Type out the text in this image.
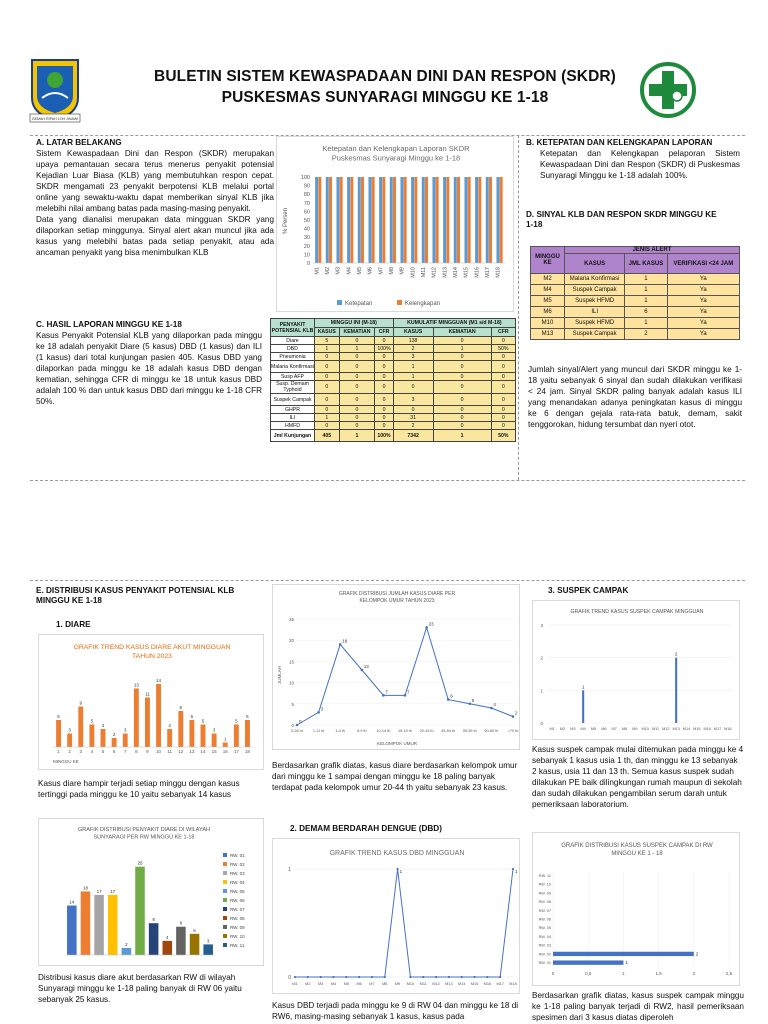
GEMAH RIPAH LOH JINAWI
BULETIN SISTEM KEWASPADAAN DINI DAN RESPON (SKDR)
PUSKESMAS SUNYARAGI MINGGU KE 1-18
A. LATAR BELAKANG
Sistem Kewaspadaan Dini dan Respon (SKDR) merupakan upaya pemantauan secara terus menerus penyakit potensial Kejadian Luar Biasa (KLB) yang membutuhkan respon cepat. SKDR mengamati 23 penyakit berpotensi KLB melalui portal online yang sewaktu-waktu dapat memberikan sinyal KLB jika melebihi nilai ambang batas pada masing-masing penyakit.
Data yang dianalisi merupakan data mingguan SKDR yang dilaporkan setiap minggunya. Sinyal alert akan muncul jika ada kasus yang melebihi batas pada setiap penyakit, atau ada ancaman penyakit yang bisa menimbulkan KLB
C. HASIL LAPORAN MINGGU KE 1-18
Kasus Penyakit Potensial KLB yang dilaporkan pada minggu ke 18 adalah penyakit Diare (5 kasus) DBD (1 kasus) dan ILI (1 kasus) dari total kunjungan pasien 405. Kasus DBD yang dilaporkan pada minggu ke 18 adalah kasus DBD dengan kematian, sehingga CFR di minggu ke 18 untuk kasus DBD adalah 100 % dan untuk kasus DBD dari minggu ke 1-18 CFR 50%.
Ketepatan dan Kelengkapan Laporan SKDR
Puskesmas Sunyaragi Minggu ke 1-18
% Persen
0
10
20
30
40
50
60
70
80
90
100
M1 M2 M3 M4 M5 M6 M7 M8 M9 M10 M11 M12 M13 M14 M15 M16 M17 M18
Ketepatan	Kelengkapan
PENYAKIT POTENSIAL KLB	MINGGU INI (M-18)			KUMULATIF MINGGUAN (M1 s/d M-18)		
	KASUS	KEMATIAN	CFR	KASUS	KEMATIAN	CFR
Diare	5	0	0	138	0	0
DBD	1	1	100%	2	1	50%
Pneumonia	0	0	0	3	0	0
Malaria Konfirmasi	0	0	0	1	0	0
Susp AFP	0	0	0	1	0	0
Susp. Demam Typhoid	0	0	0	0	0	0
Suspek Campak	0	0	0	3	0	0
GHPR	0	0	0	0	0	0
ILI	1	0	0	31	0	0
HMFD	0	0	0	2	0	0
Jml Kunjungan	405	1	100%	7342	1	50%
B. KETEPATAN DAN KELENGKAPAN LAPORAN
Ketepatan dan Kelengkapan pelaporan Sistem Kewaspadaan Dini dan Respon (SKDR) di Puskesmas Sunyaragi Minggu ke 1-18 adalah 100%.
D. SINYAL KLB DAN RESPON SKDR MINGGU KE 1-18
MINGGU KE	JENIS ALERT		
	KASUS	JML KASUS	VERIFIKASI <24 JAM
M2	Malaria Konfirmasi	1	Ya
M4	Suspek Campak	1	Ya
M5	Suspek HFMD	1	Ya
M6	ILI	6	Ya
M10	Suspek HFMD	1	Ya
M13	Suspek Campak	2	Ya
Jumlah sinyal/Alert yang muncul dari SKDR minggu ke 1-18 yaitu sebanyak 6 sinyal dan sudah dilakukan verifikasi < 24 jam. Sinyal SKDR paling banyak adalah kasus ILI yang menandakan adanya peningkatan kasus di minggu ke 6 dengan gejala rata-rata batuk, demam, sakit tenggorokan, hidung tersumbat dan nyeri otot.
E. DISTRIBUSI KASUS PENYAKIT POTENSIAL KLB MINGGU KE 1-18
1. DIARE
GRAFIK TREND KASUS DIARE AKUT MINGGUAN
TAHUN 2023
6
1
3
2
9
3
5
4
4
5
2
6
3
7
13
8
11
9
14
10
4
11
8
12
6
13
5
14
3
15
1
16
5
17
6
18
MINGGU KE
Kasus diare hampir terjadi setiap minggu dengan kasus tertinggi pada minggu ke 10 yaitu sebanyak 14 kasus
GRAFIK DISTRIBUSI PENYAKIT DIARE DI WILAYAH
SUNYARAGI PER RW MINGGU KE 1-18
14
18
17 17
2
25
9
4
8
6
3
RW. 01
RW. 02
RW. 03
RW. 04
RW. 05
RW. 06
RW. 07
RW. 08
RW. 09
RW. 10
RW. 11
Distribusi kasus diare akut berdasarkan RW di wilayah Sunyaragi minggu ke 1-18 paling banyak di RW 06 yaitu sebanyak 25 kasus.
GRAFIK DISTRIBUSI JUMLAH KASUS DIARE PER
KELOMPOK UMUR TAHUN 2023
0
5
10
15
20
25
JUMLAH
0
0-28 hr
3
1-11 bl
19
1-4 th
13
5-9 th
7
10-14 th
7
15-19 th
23
20-44 th
6
45-54 th
5
55-59 th
4
60-69 th
2
>70 th
KELOMPOK UMUR
Berdasarkan grafik diatas, kasus diare berdasarkan kelompok umur dari minggu ke 1 sampai dengan minggu ke 18 paling banyak terdapat pada kelompok umur 20-44 th yaitu sebanyak 23 kasus.
2. DEMAM BERDARAH DENGUE (DBD)
GRAFIK TREND KASUS DBD MINGGUAN
0
1
M1 M2 M3 M4 M5 M6 M7 M8
1
M9 M10 M11 M12 M13 M14 M15 M16 M17
1
M18
Kasus DBD terjadi pada minggu ke 9 di RW 04 dan minggu ke 18 di RW6, masing-masing sebanyak 1 kasus, kasus pada
3. SUSPEK CAMPAK
GRAFIK TREND KASUS SUSPEK CAMPAK MINGGUAN
0
1
2
3
M1 M2 M3
1
M4 M5 M6 M7 M8 M9 M10 M11 M12
2
M13 M14 M15 M16 M17 M18
Kasus suspek campak mulai ditemukan pada minggu ke 4 sebanyak 1 kasus usia 1 th, dan minggu ke 13 sebanyak 2 kasus, usia 11 dan 13 th. Semua kasus suspek sudah dilakukan PE baik dilingkungan rumah maupun di sekolah dan sudah dilakukan pengambilan serum darah untuk pemeriksaan laboratorium.
GRAFIK DISTRIBUSI KASUS SUSPEK CAMPAK DI RW
MINGGU KE 1 - 18
0	0,5	1	1,5	2	2,5
RW. 01	1
RW. 02	2
RW. 03
RW. 04
RW. 05
RW. 06
RW. 07
RW. 08
RW. 09
RW. 10
RW. 11
Berdasarkan grafik diatas, kasus suspek campak minggu ke 1-18 paling banyak terjadi di RW2, hasil pemeriksaan spesimen dari 3 kasus diatas diperoleh
